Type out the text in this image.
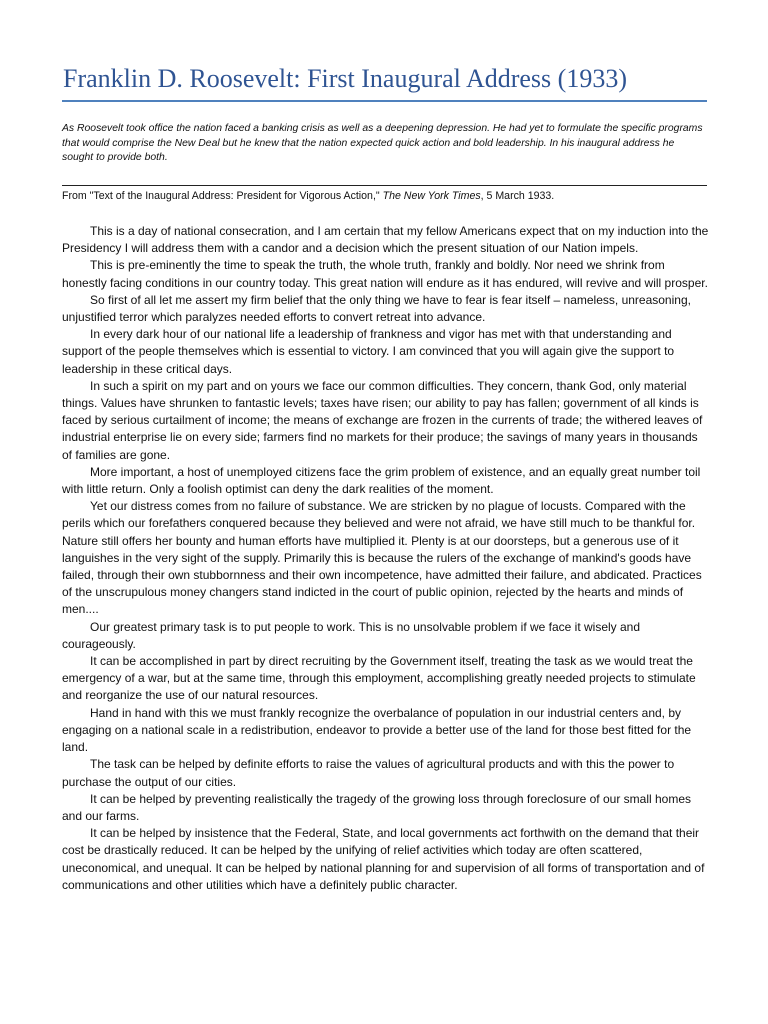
Franklin D. Roosevelt: First Inaugural Address (1933)
As Roosevelt took office the nation faced a banking crisis as well as a deepening depression. He had yet to formulate the specific programs that would comprise the New Deal but he knew that the nation expected quick action and bold leadership. In his inaugural address he sought to provide both.
From "Text of the Inaugural Address: President for Vigorous Action," The New York Times, 5 March 1933.

This is a day of national consecration, and I am certain that my fellow Americans expect that on my induction into the Presidency I will address them with a candor and a decision which the present situation of our Nation impels.

This is pre-eminently the time to speak the truth, the whole truth, frankly and boldly. Nor need we shrink from honestly facing conditions in our country today. This great nation will endure as it has endured, will revive and will prosper.

So first of all let me assert my firm belief that the only thing we have to fear is fear itself – nameless, unreasoning, unjustified terror which paralyzes needed efforts to convert retreat into advance.

In every dark hour of our national life a leadership of frankness and vigor has met with that understanding and support of the people themselves which is essential to victory. I am convinced that you will again give the support to leadership in these critical days.

In such a spirit on my part and on yours we face our common difficulties. They concern, thank God, only material things. Values have shrunken to fantastic levels; taxes have risen; our ability to pay has fallen; government of all kinds is faced by serious curtailment of income; the means of exchange are frozen in the currents of trade; the withered leaves of industrial enterprise lie on every side; farmers find no markets for their produce; the savings of many years in thousands of families are gone.

More important, a host of unemployed citizens face the grim problem of existence, and an equally great number toil with little return. Only a foolish optimist can deny the dark realities of the moment.

Yet our distress comes from no failure of substance. We are stricken by no plague of locusts. Compared with the perils which our forefathers conquered because they believed and were not afraid, we have still much to be thankful for. Nature still offers her bounty and human efforts have multiplied it. Plenty is at our doorsteps, but a generous use of it languishes in the very sight of the supply. Primarily this is because the rulers of the exchange of mankind's goods have failed, through their own stubbornness and their own incompetence, have admitted their failure, and abdicated. Practices of the unscrupulous money changers stand indicted in the court of public opinion, rejected by the hearts and minds of men....

Our greatest primary task is to put people to work. This is no unsolvable problem if we face it wisely and courageously.

It can be accomplished in part by direct recruiting by the Government itself, treating the task as we would treat the emergency of a war, but at the same time, through this employment, accomplishing greatly needed projects to stimulate and reorganize the use of our natural resources.

Hand in hand with this we must frankly recognize the overbalance of population in our industrial centers and, by engaging on a national scale in a redistribution, endeavor to provide a better use of the land for those best fitted for the land.

The task can be helped by definite efforts to raise the values of agricultural products and with this the power to purchase the output of our cities.

It can be helped by preventing realistically the tragedy of the growing loss through foreclosure of our small homes and our farms.

It can be helped by insistence that the Federal, State, and local governments act forthwith on the demand that their cost be drastically reduced. It can be helped by the unifying of relief activities which today are often scattered, uneconomical, and unequal. It can be helped by national planning for and supervision of all forms of transportation and of communications and other utilities which have a definitely public character.
